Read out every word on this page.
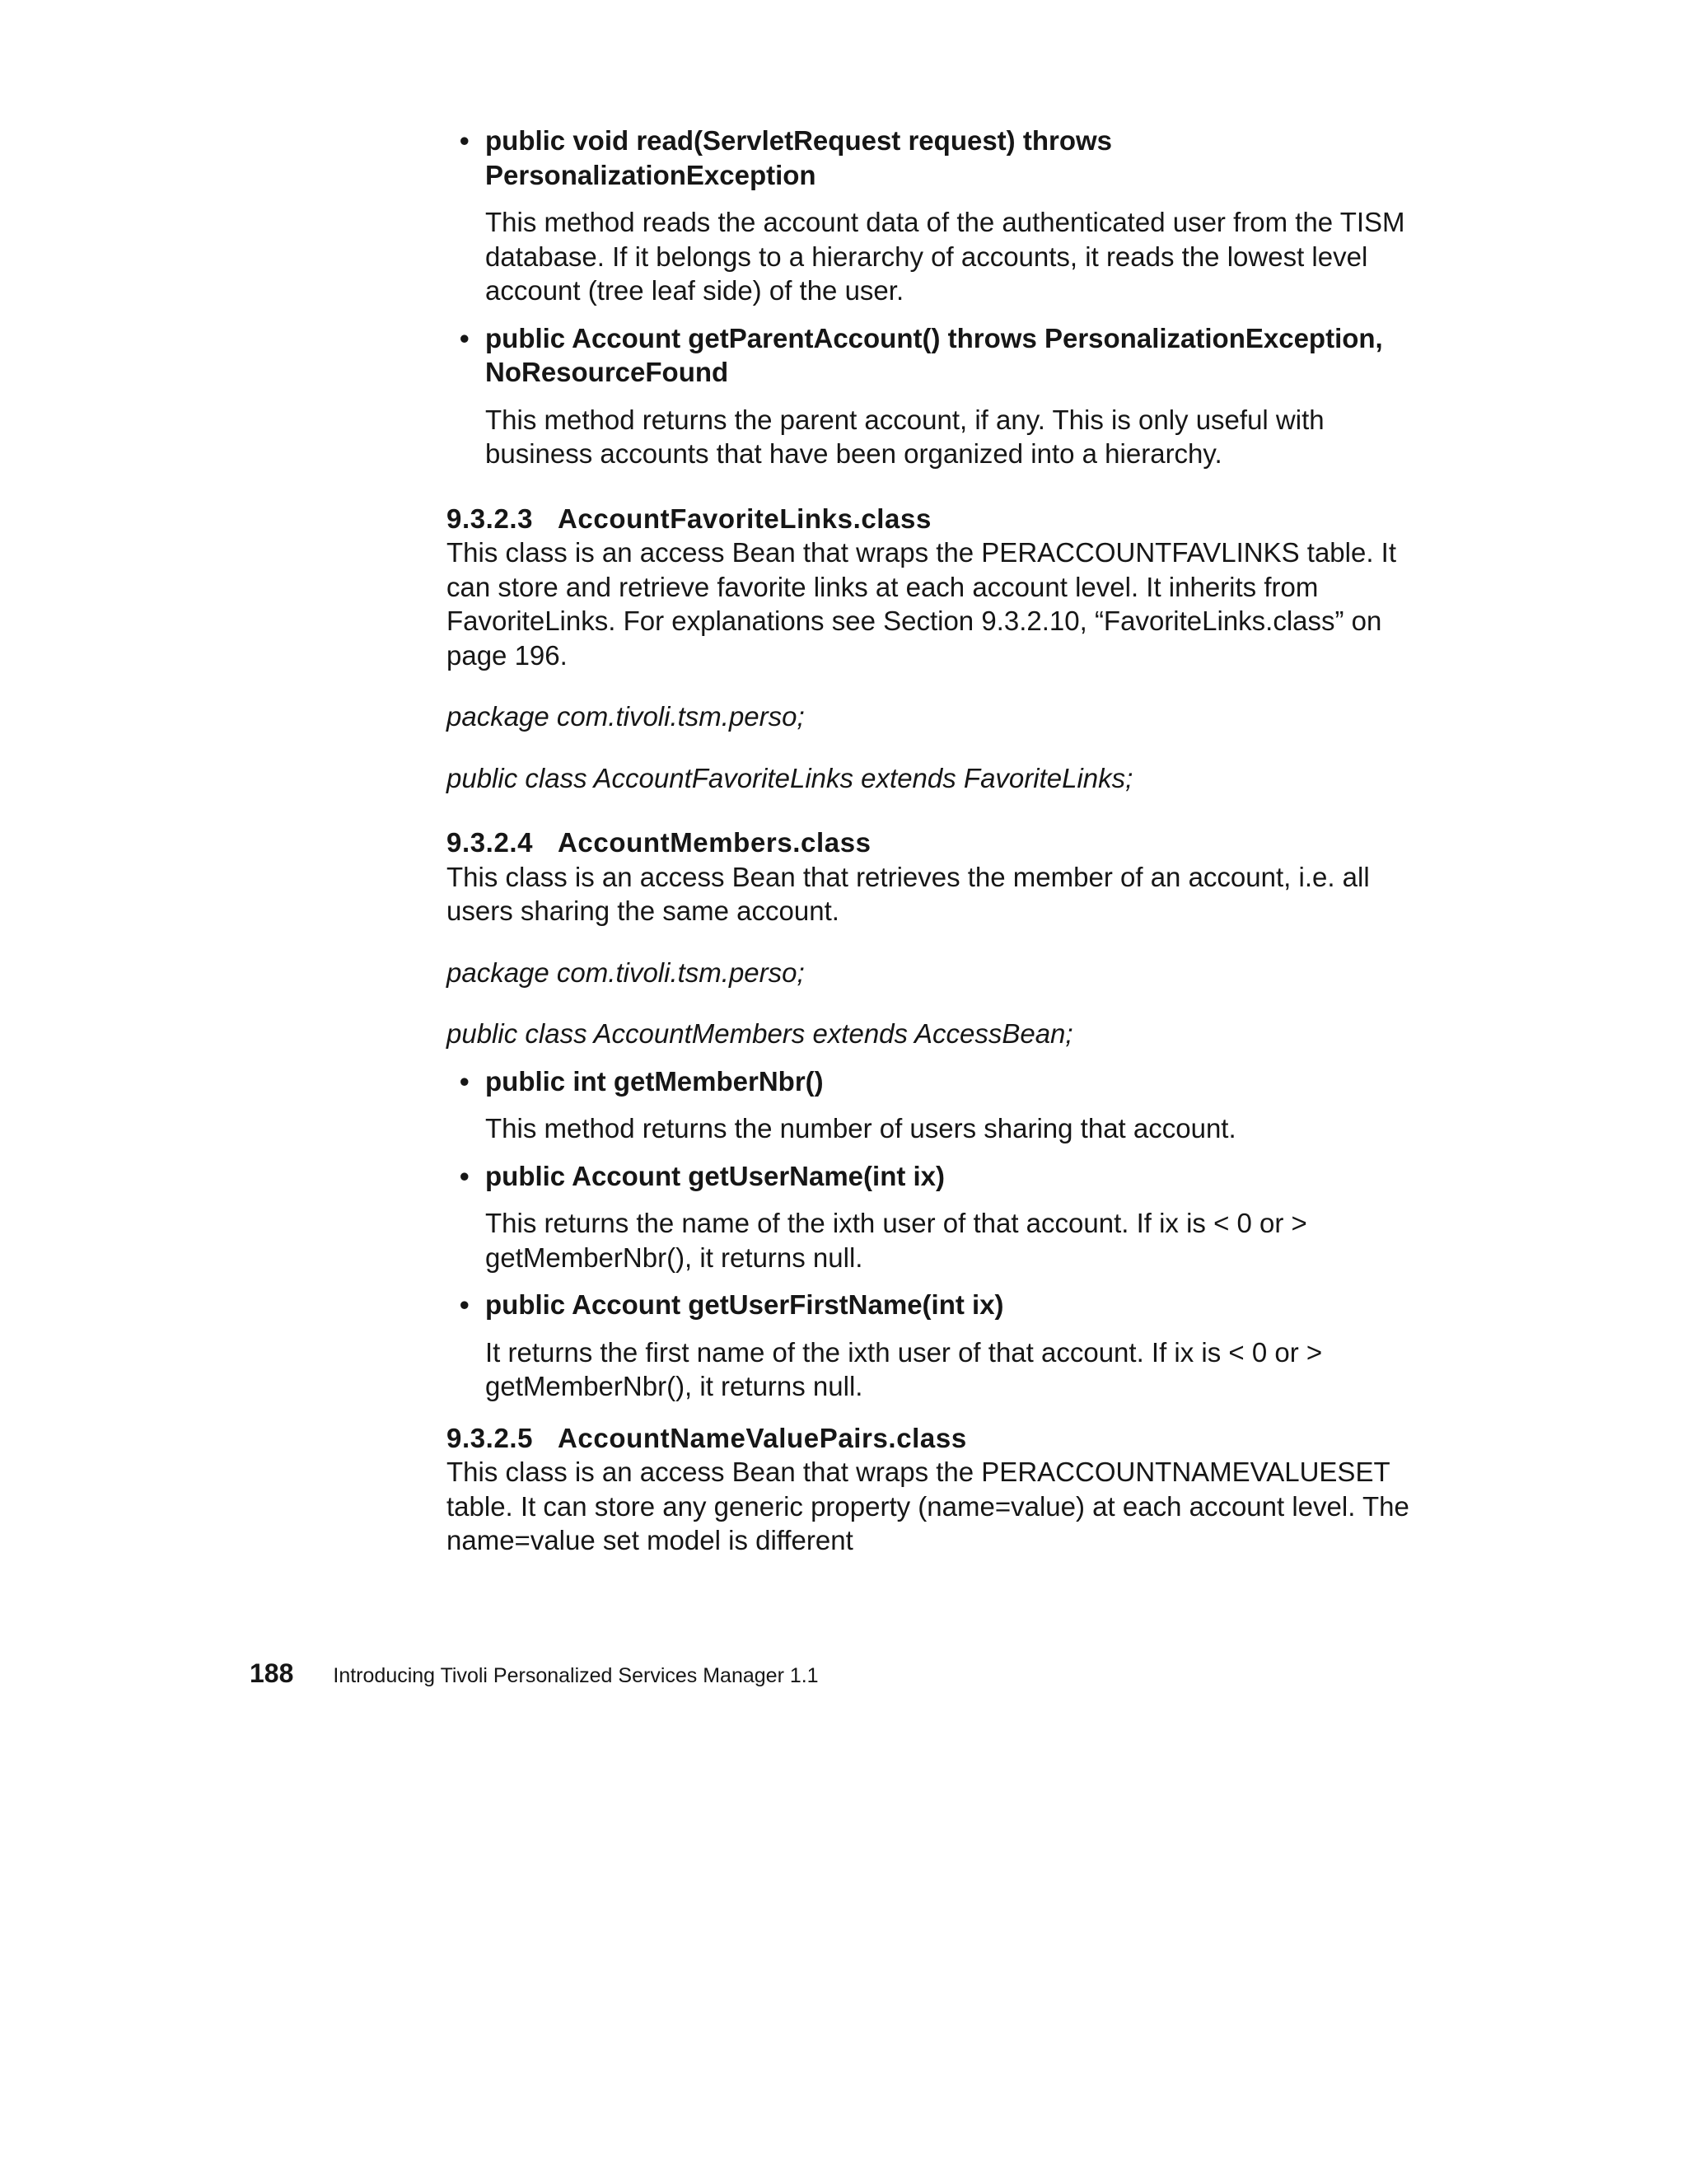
• public void read(ServletRequest request) throws PersonalizationException

This method reads the account data of the authenticated user from the TISM database. If it belongs to a hierarchy of accounts, it reads the lowest level account (tree leaf side) of the user.

• public Account getParentAccount() throws PersonalizationException, NoResourceFound

This method returns the parent account, if any. This is only useful with business accounts that have been organized into a hierarchy.

9.3.2.3 AccountFavoriteLinks.class

This class is an access Bean that wraps the PERACCOUNTFAVLINKS table. It can store and retrieve favorite links at each account level. It inherits from FavoriteLinks. For explanations see Section 9.3.2.10, “FavoriteLinks.class” on page 196.

package com.tivoli.tsm.perso;

public class AccountFavoriteLinks extends FavoriteLinks;

9.3.2.4 AccountMembers.class

This class is an access Bean that retrieves the member of an account, i.e. all users sharing the same account.

package com.tivoli.tsm.perso;

public class AccountMembers extends AccessBean;

• public int getMemberNbr()

This method returns the number of users sharing that account.

• public Account getUserName(int ix)

This returns the name of the ixth user of that account. If ix is < 0 or > getMemberNbr(), it returns null.

• public Account getUserFirstName(int ix)

It returns the first name of the ixth user of that account. If ix is < 0 or > getMemberNbr(), it returns null.

9.3.2.5 AccountNameValuePairs.class

This class is an access Bean that wraps the PERACCOUNTNAMEVALUESET table. It can store any generic property (name=value) at each account level. The name=value set model is different

188 Introducing Tivoli Personalized Services Manager 1.1
